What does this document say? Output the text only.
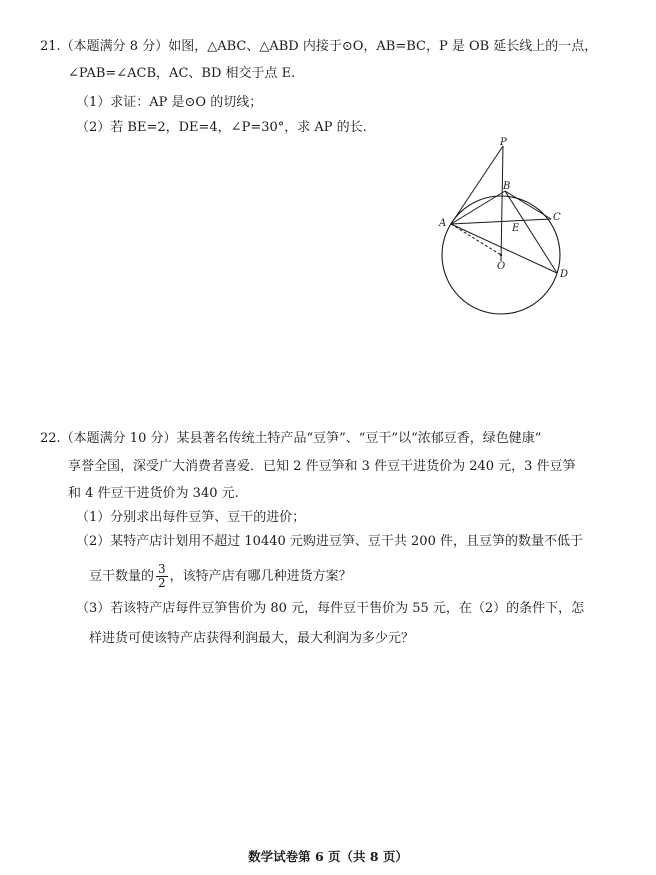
21.（本题满分 8 分）如图，△ABC、△ABD 内接于⊙O，AB=BC，P 是 OB 延长线上的一点，
∠PAB=∠ACB，AC、BD 相交于点 E.
（1）求证：AP 是⊙O 的切线；
（2）若 BE=2，DE=4，∠P=30°，求 AP 的长.
P
B
A
C
E
O
D
22.（本题满分 10 分）某县著名传统土特产品“豆笋”、“豆干”以“浓郁豆香，绿色健康”
享誉全国，深受广大消费者喜爱．已知 2 件豆笋和 3 件豆干进货价为 240 元，3 件豆笋
和 4 件豆干进货价为 340 元.
（1）分别求出每件豆笋、豆干的进价；
（2）某特产店计划用不超过 10440 元购进豆笋、豆干共 200 件，且豆笋的数量不低于
豆干数量的 $\frac{3}{2}$ ，该特产店有哪几种进货方案？
（3）若该特产店每件豆笋售价为 80 元，每件豆干售价为 55 元，在（2）的条件下，怎
样进货可使该特产店获得利润最大，最大利润为多少元？
数学试卷第 6 页（共 8 页）
